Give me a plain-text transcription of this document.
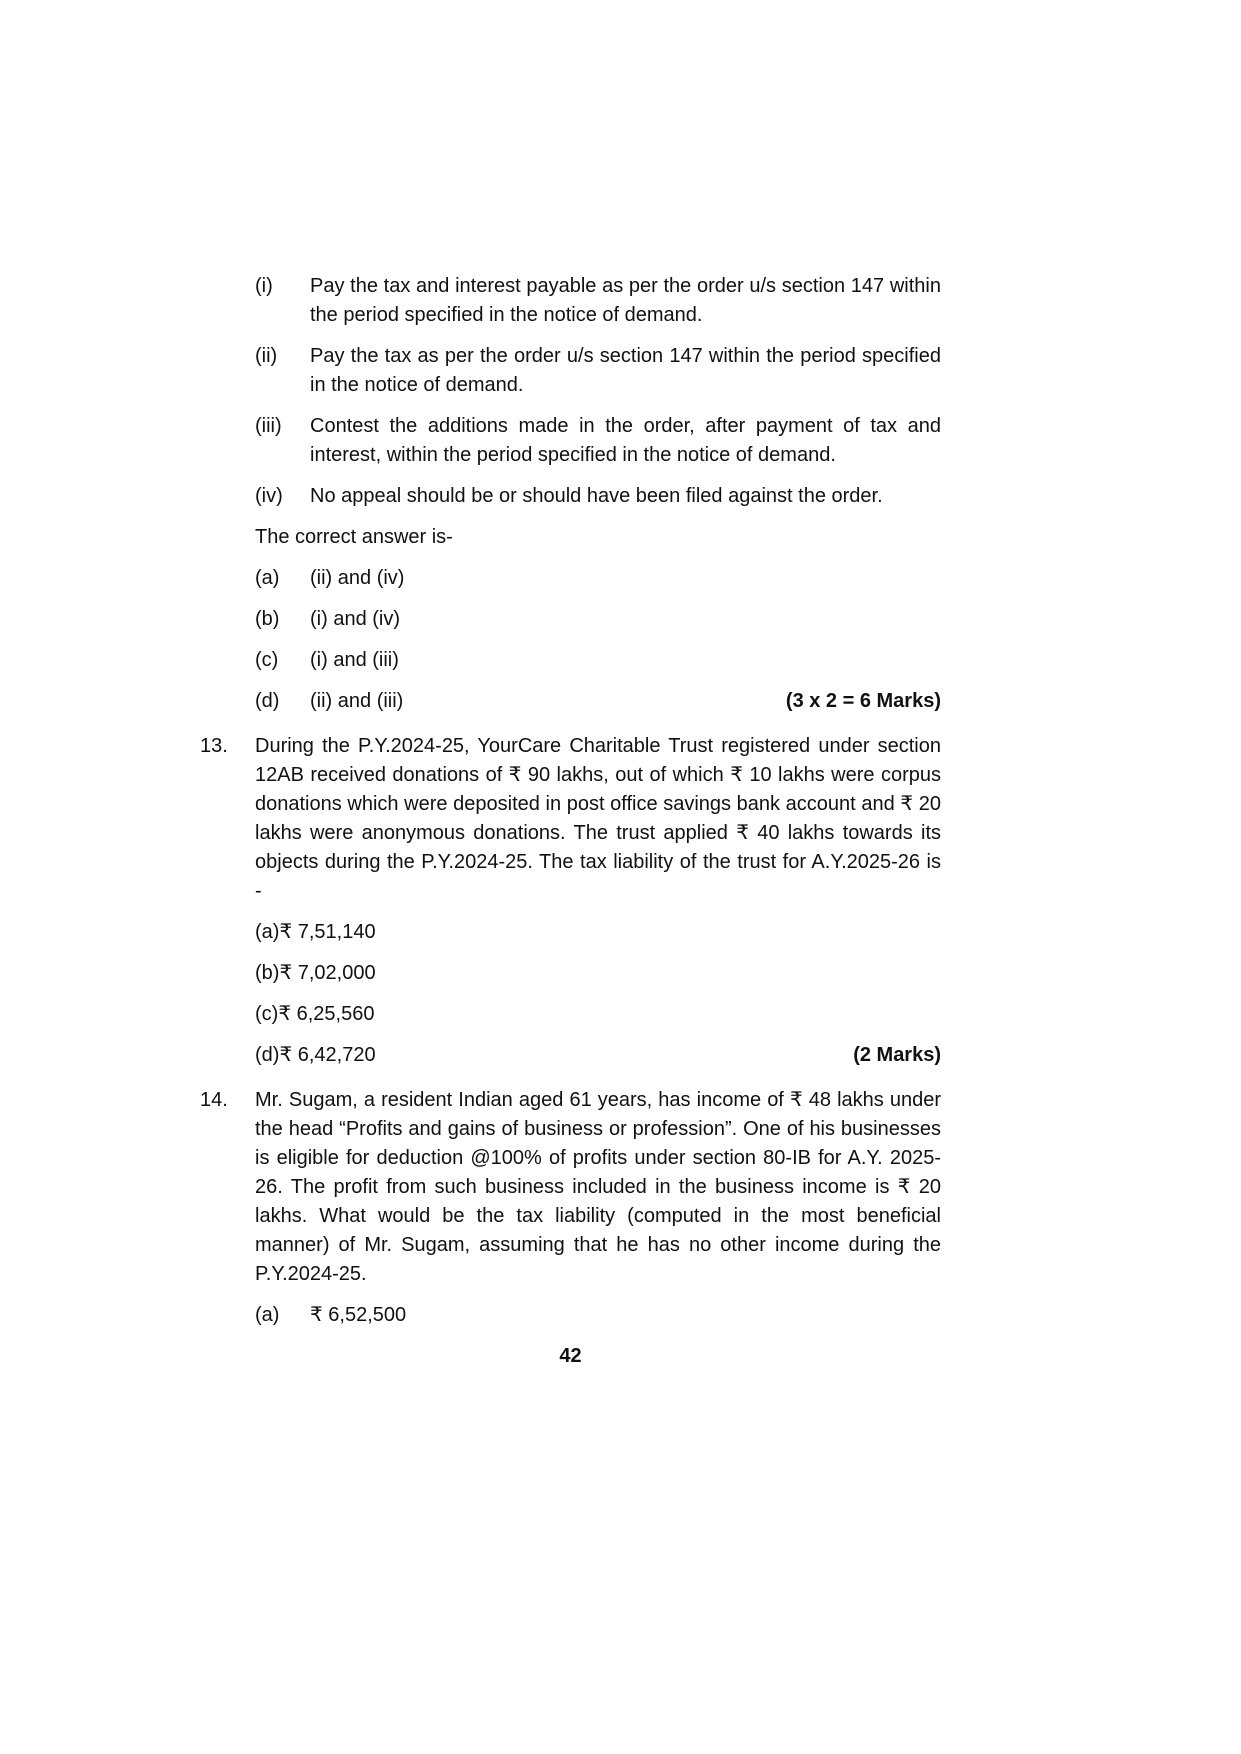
(i)	Pay the tax and interest payable as per the order u/s section 147 within the period specified in the notice of demand.

(ii)	Pay the tax as per the order u/s section 147 within the period specified in the notice of demand.

(iii)	Contest the additions made in the order, after payment of tax and interest, within the period specified in the notice of demand.

(iv)	No appeal should be or should have been filed against the order.

The correct answer is-

(a)	(ii) and (iv)

(b)	(i) and (iv)

(c)	(i) and (iii)

(d)	(ii) and (iii)	(3 x 2 = 6 Marks)
13.	During the P.Y.2024-25, YourCare Charitable Trust registered under section 12AB received donations of ₹ 90 lakhs, out of which ₹ 10 lakhs were corpus donations which were deposited in post office savings bank account and ₹ 20 lakhs were anonymous donations. The trust applied ₹ 40 lakhs towards its objects during the P.Y.2024-25. The tax liability of the trust for A.Y.2025-26 is -

(a) ₹ 7,51,140
(b) ₹ 7,02,000
(c) ₹ 6,25,560
(d) ₹ 6,42,720	(2 Marks)
14.	Mr. Sugam, a resident Indian aged 61 years, has income of ₹ 48 lakhs under the head “Profits and gains of business or profession”. One of his businesses is eligible for deduction @100% of profits under section 80-IB for A.Y. 2025-26. The profit from such business included in the business income is ₹ 20 lakhs. What would be the tax liability (computed in the most beneficial manner) of Mr. Sugam, assuming that he has no other income during the P.Y.2024-25.

(a)	₹ 6,52,500

42
